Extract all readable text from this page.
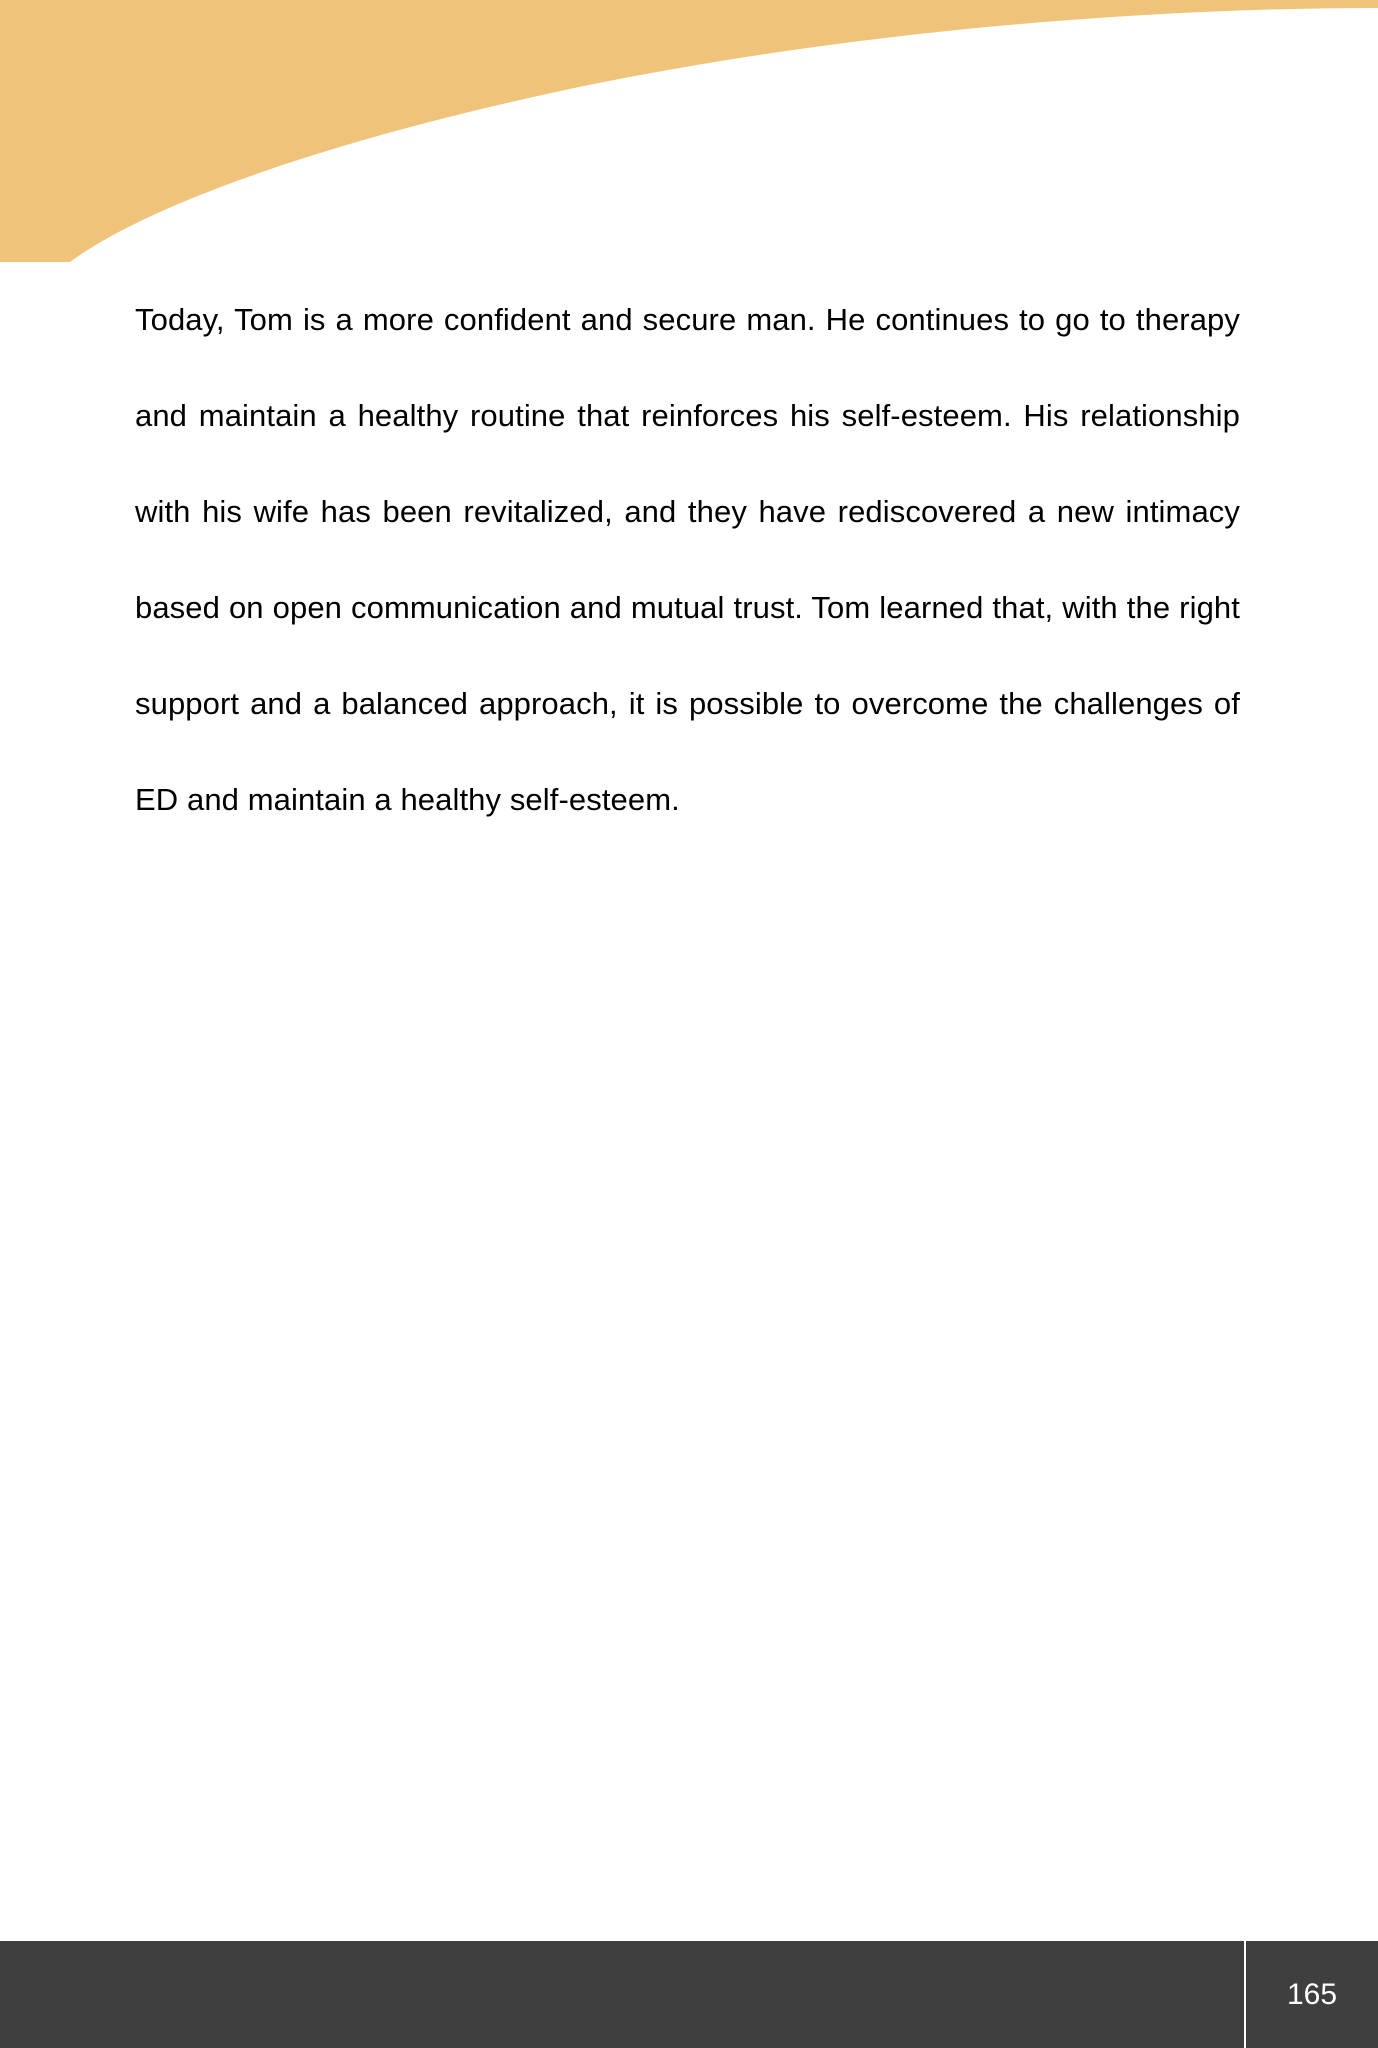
Today, Tom is a more confident and secure man. He continues to go to therapy and maintain a healthy routine that reinforces his self-esteem. His relationship with his wife has been revitalized, and they have rediscovered a new intimacy based on open communication and mutual trust. Tom learned that, with the right support and a balanced approach, it is possible to overcome the challenges of ED and maintain a healthy self-esteem.

165
